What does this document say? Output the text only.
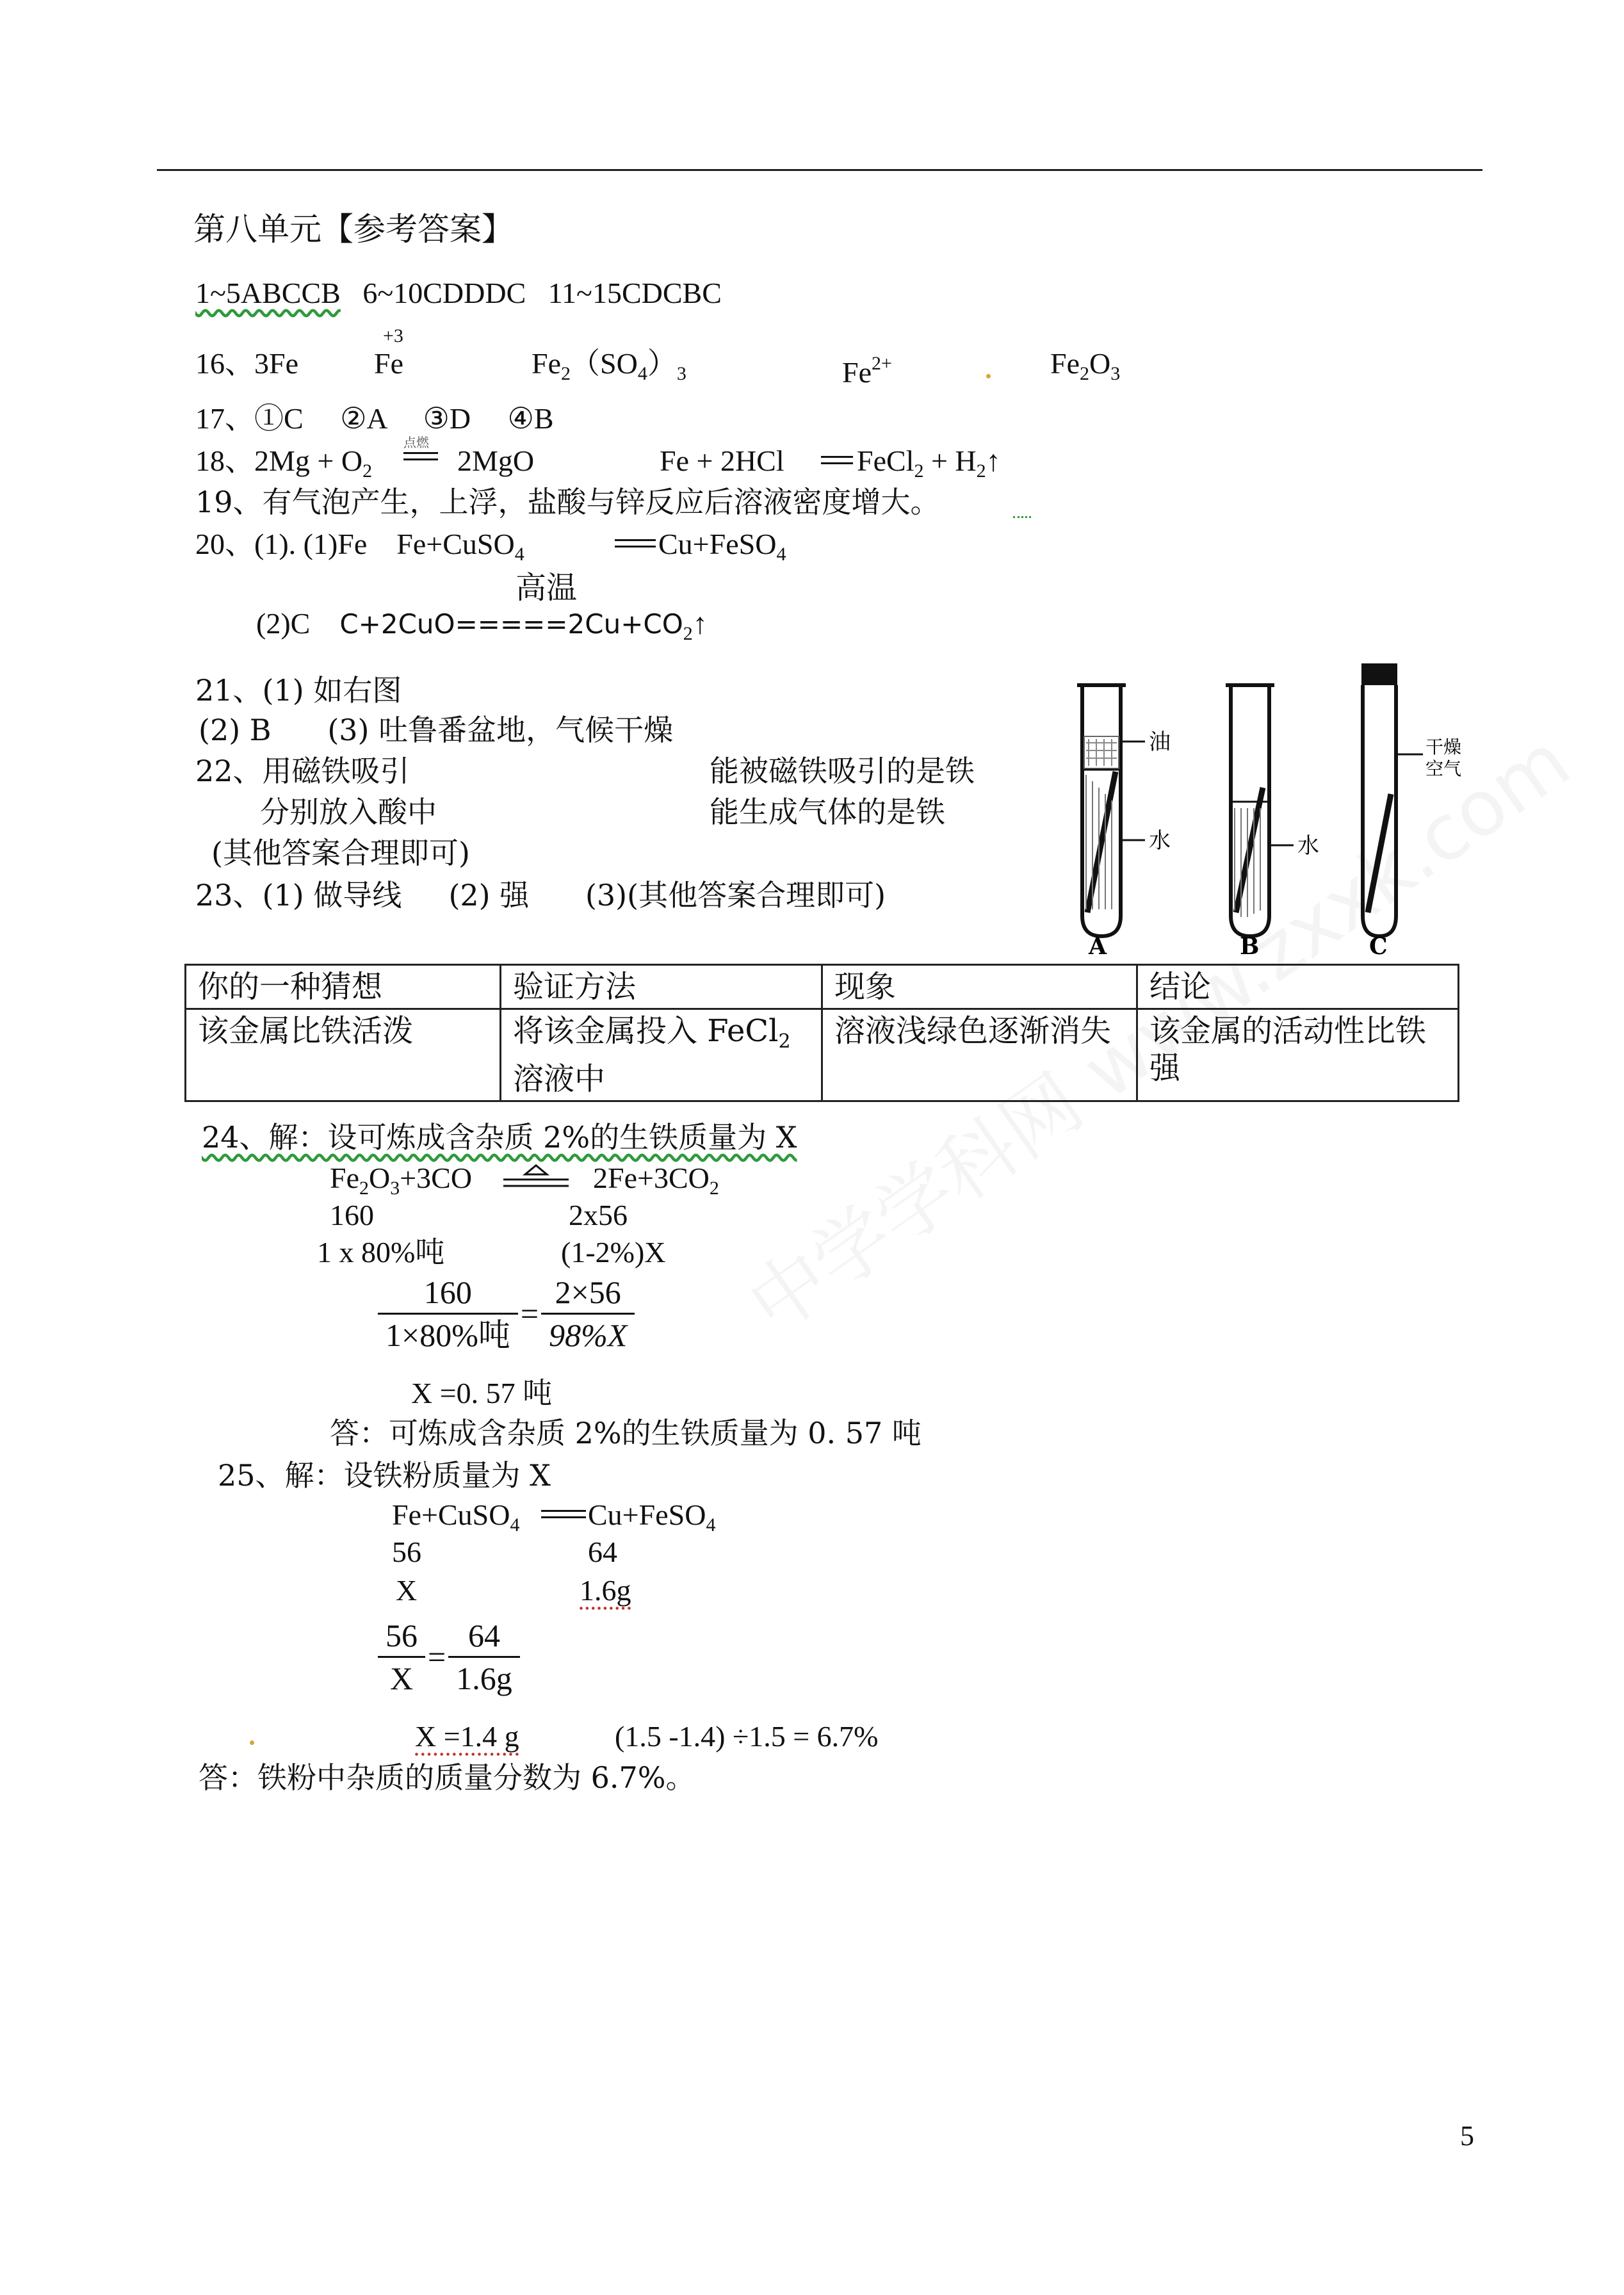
第八单元【参考答案】
1~5ABCCB 6~10CDDDC 11~15CDCBC
16、3Fe
+3
Fe	$Fe_2(SO_4)_3$	$Fe^{2+}$	$Fe_2O_3$
17、①C ②A ③D ④B
18、$2Mg + O_2$
点燃
2MgO	Fe + 2HCl FeCl$_2$ + $H_2↑$
19、有气泡产生，上浮，盐酸与锌反应后溶液密度增大。
20、(1). (1)Fe Fe+CuSO$_4$	Cu+FeSO$_4$
高温
(2)C $C+2CuO=====2Cu+CO_2↑$
21、(1) 如右图
(2) B (3) 吐鲁番盆地，气候干燥
22、用磁铁吸引	能被磁铁吸引的是铁
分别放入酸中	能生成气体的是铁
(其他答案合理即可)
23、(1) 做导线 (2) 强 (3)(其他答案合理即可)
油
水
A
水
B
干燥
空气
C
你的一种猜想	验证方法	现象	结论
该金属比铁活泼	将该金属投入 FeCl$_2$
溶液中	溶液浅绿色逐渐消失	该金属的活动性比铁强
24、解：设可炼成含杂质 2%的生铁质量为 X
$Fe_2O_3+3CO$	$2Fe+3CO_2$
160	2x56
1 x 80%吨	(1-2%)X
$\frac{160}{\text{1×80\%吨}} = \frac{2\times 56}{98\%X}$
X =0. 57 吨
答：可炼成含杂质 2%的生铁质量为 0. 57 吨
25、解：设铁粉质量为 X
Fe+CuSO$_4$ Cu+FeSO$_4$
56	64
X	1.6g
$\frac{56}{X} = \frac{64}{1.6g}$
X =1.4 g	(1.5 -1.4) ÷1.5 = 6.7%
答：铁粉中杂质的质量分数为 6.7%。
5
